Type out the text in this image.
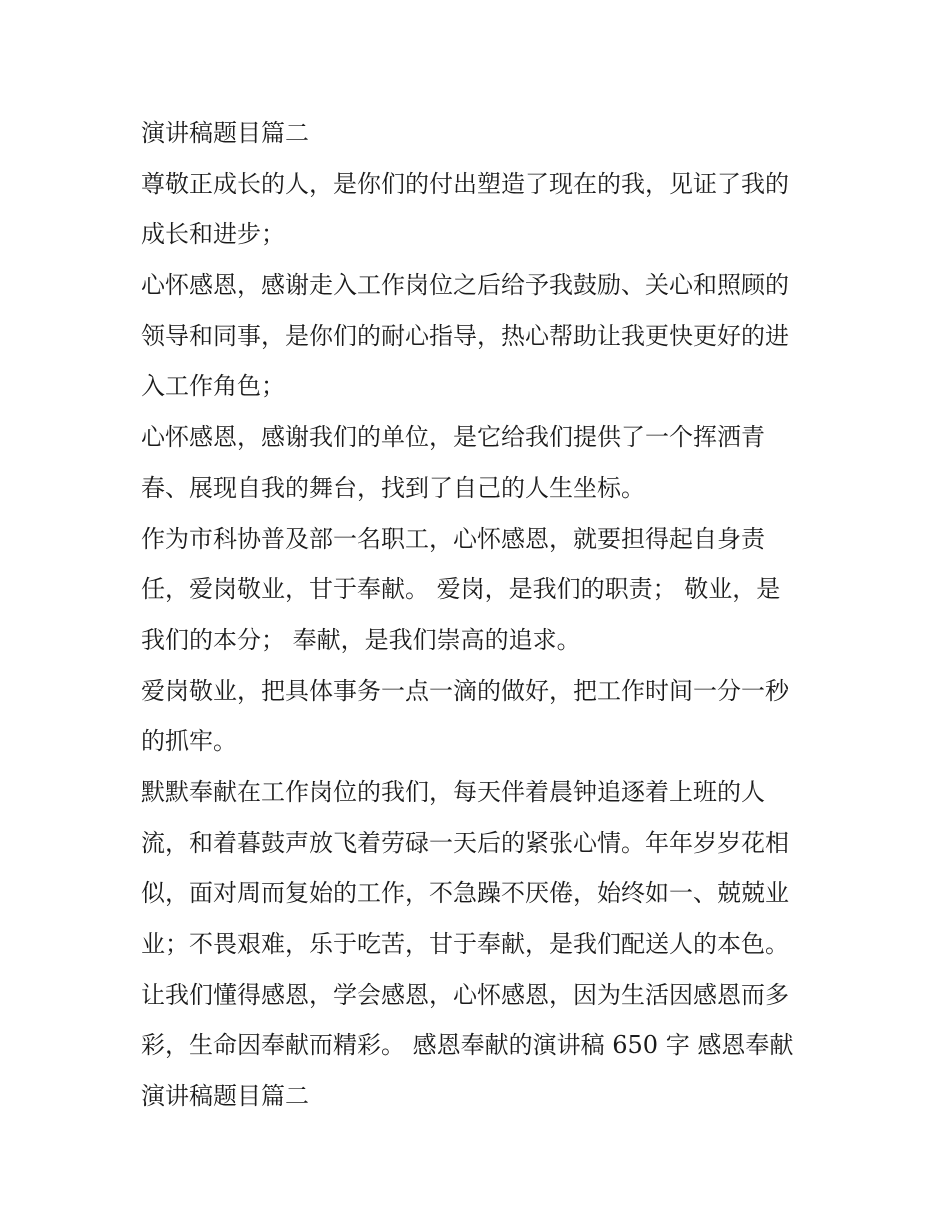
演讲稿题目篇二
尊敬正成长的人，是你们的付出塑造了现在的我，见证了我的
成长和进步；
心怀感恩，感谢走入工作岗位之后给予我鼓励、关心和照顾的
领导和同事，是你们的耐心指导，热心帮助让我更快更好的进
入工作角色；
心怀感恩，感谢我们的单位，是它给我们提供了一个挥洒青
春、展现自我的舞台，找到了自己的人生坐标。
作为市科协普及部一名职工，心怀感恩，就要担得起自身责
任，爱岗敬业，甘于奉献。 爱岗，是我们的职责； 敬业，是
我们的本分； 奉献，是我们崇高的追求。
爱岗敬业，把具体事务一点一滴的做好，把工作时间一分一秒
的抓牢。
默默奉献在工作岗位的我们，每天伴着晨钟追逐着上班的人
流，和着暮鼓声放飞着劳碌一天后的紧张心情。年年岁岁花相
似，面对周而复始的工作，不急躁不厌倦，始终如一、兢兢业
业；不畏艰难，乐于吃苦，甘于奉献，是我们配送人的本色。
让我们懂得感恩，学会感恩，心怀感恩，因为生活因感恩而多
彩，生命因奉献而精彩。 感恩奉献的演讲稿 650 字 感恩奉献
演讲稿题目篇二
